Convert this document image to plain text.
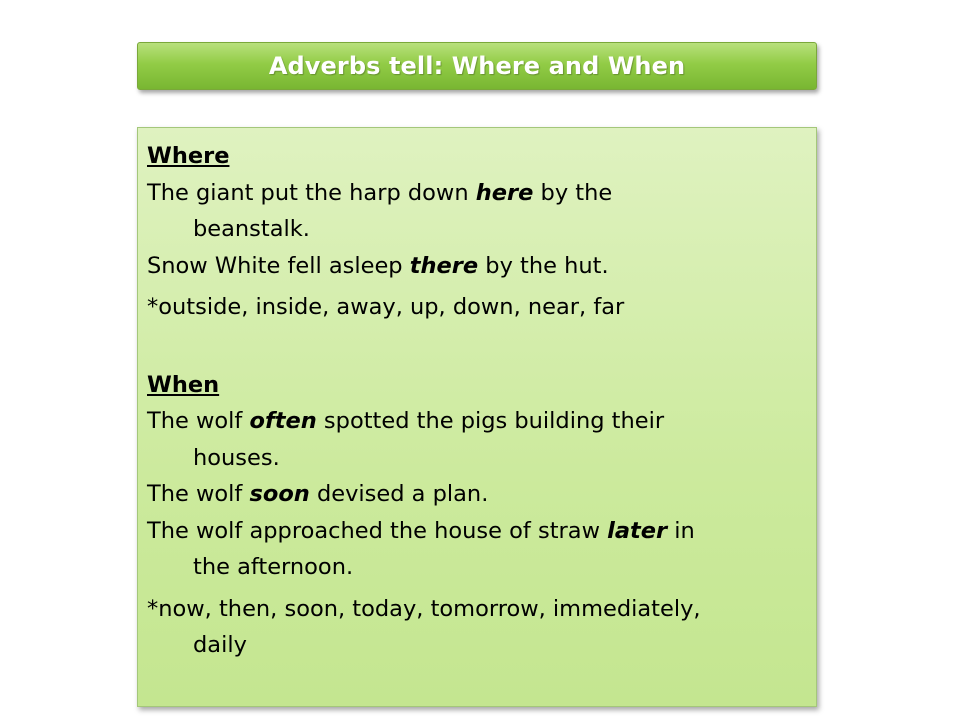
Adverbs tell: Where and When
Where
The giant put the harp down here by the
beanstalk.
Snow White fell asleep there by the hut.
*outside, inside, away, up, down, near, far
When
The wolf often spotted the pigs building their
houses.
The wolf soon devised a plan.
The wolf approached the house of straw later in
the afternoon.
*now, then, soon, today, tomorrow, immediately,
daily
